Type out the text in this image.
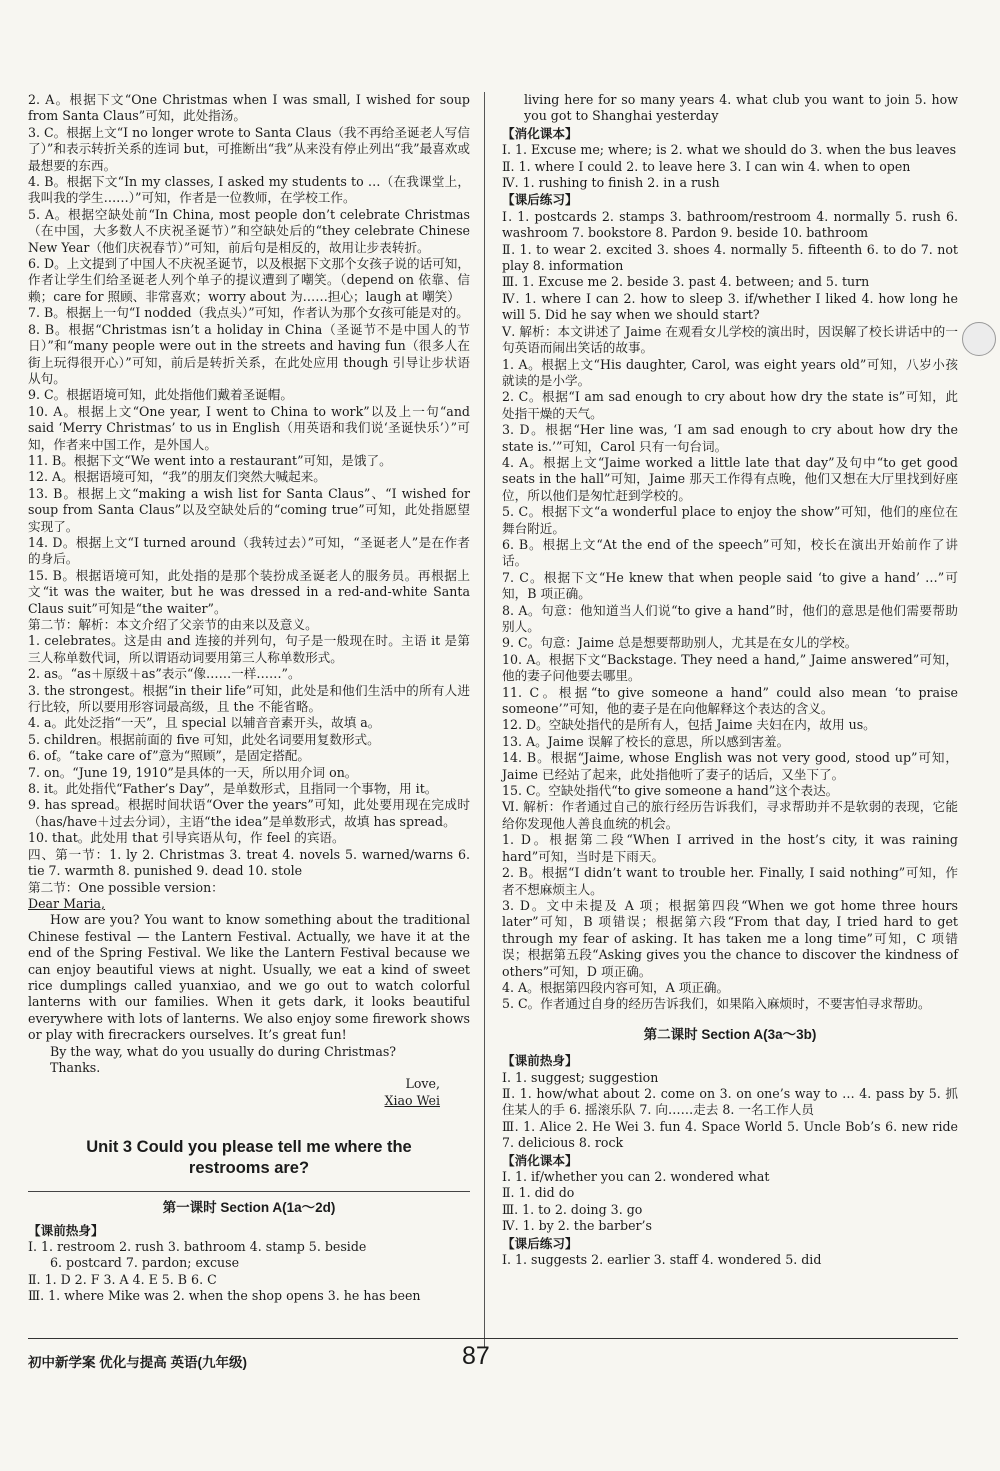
2. A。根据下文“One Christmas when I was small, I wished for soup from Santa Claus”可知，此处指汤。

3. C。根据上文“I no longer wrote to Santa Claus（我不再给圣诞老人写信了）”和表示转折关系的连词 but，可推断出“我”从来没有停止列出“我”最喜欢或最想要的东西。

4. B。根据下文“In my classes, I asked my students to …（在我课堂上，我叫我的学生……）”可知，作者是一位教师，在学校工作。

5. A。根据空缺处前“In China, most people don’t celebrate Christmas（在中国，大多数人不庆祝圣诞节）”和空缺处后的“they celebrate Chinese New Year（他们庆祝春节）”可知，前后句是相反的，故用让步表转折。

6. D。上文提到了中国人不庆祝圣诞节，以及根据下文那个女孩子说的话可知，作者让学生们给圣诞老人列个单子的提议遭到了嘲笑。（depend on 依靠、信赖；care for 照顾、非常喜欢；worry about 为……担心；laugh at 嘲笑）

7. B。根据上一句“I nodded（我点头）”可知，作者认为那个女孩可能是对的。

8. B。根据“Christmas isn’t a holiday in China（圣诞节不是中国人的节日）”和“many people were out in the streets and having fun（很多人在街上玩得很开心）”可知，前后是转折关系，在此处应用 though 引导让步状语从句。

9. C。根据语境可知，此处指他们戴着圣诞帽。

10. A。根据上文“One year, I went to China to work”以及上一句“and said ‘Merry Christmas’ to us in English（用英语和我们说‘圣诞快乐’）”可知，作者来中国工作，是外国人。

11. B。根据下文“We went into a restaurant”可知，是饿了。

12. A。根据语境可知，“我”的朋友们突然大喊起来。

13. B。根据上文“making a wish list for Santa Claus”、“I wished for soup from Santa Claus”以及空缺处后的“coming true”可知，此处指愿望实现了。

14. D。根据上文“I turned around（我转过去）”可知，“圣诞老人”是在作者的身后。

15. B。根据语境可知，此处指的是那个装扮成圣诞老人的服务员。再根据上文“it was the waiter, but he was dressed in a red-and-white Santa Claus suit”可知是“the waiter”。

第二节：解析：本文介绍了父亲节的由来以及意义。

1. celebrates。这是由 and 连接的并列句，句子是一般现在时。主语 it 是第三人称单数代词，所以谓语动词要用第三人称单数形式。

2. as。“as＋原级＋as”表示“像……一样……”。

3. the strongest。根据“in their life”可知，此处是和他们生活中的所有人进行比较，所以要用形容词最高级，且 the 不能省略。

4. a。此处泛指“一天”，且 special 以辅音音素开头，故填 a。

5. children。根据前面的 five 可知，此处名词要用复数形式。

6. of。“take care of”意为“照顾”，是固定搭配。

7. on。“June 19, 1910”是具体的一天，所以用介词 on。

8. it。此处指代“Father’s Day”，是单数形式，且指同一个事物，用 it。

9. has spread。根据时间状语“Over the years”可知，此处要用现在完成时（has/have＋过去分词），主语“the idea”是单数形式，故填 has spread。

10. that。此处用 that 引导宾语从句，作 feel 的宾语。

四、第一节：1. ly 2. Christmas 3. treat 4. novels 5. warned/warns 6. tie 7. warmth 8. punished 9. dead 10. stole

第二节：One possible version：

Dear Maria,

How are you? You want to know something about the traditional Chinese festival — the Lantern Festival. Actually, we have it at the end of the Spring Festival. We like the Lantern Festival because we can enjoy beautiful views at night. Usually, we eat a kind of sweet rice dumplings called yuanxiao, and we go out to watch colorful lanterns with our families. When it gets dark, it looks beautiful everywhere with lots of lanterns. We also enjoy some firework shows or play with firecrackers ourselves. It’s great fun!

By the way, what do you usually do during Christmas?

Thanks.

Love,

Xiao Wei

Unit 3 Could you please tell me where the
restrooms are?

第一课时 Section A(1a～2d)

【课前热身】

Ⅰ. 1. restroom 2. rush 3. bathroom 4. stamp 5. beside

6. postcard 7. pardon; excuse

Ⅱ. 1. D 2. F 3. A 4. E 5. B 6. C

Ⅲ. 1. where Mike was 2. when the shop opens 3. he has been

living here for so many years 4. what club you want to join 5. how you got to Shanghai yesterday

【消化课本】

Ⅰ. 1. Excuse me; where; is 2. what we should do 3. when the bus leaves

Ⅱ. 1. where I could 2. to leave here 3. I can win 4. when to open

Ⅳ. 1. rushing to finish 2. in a rush

【课后练习】

Ⅰ. 1. postcards 2. stamps 3. bathroom/restroom 4. normally 5. rush 6. washroom 7. bookstore 8. Pardon 9. beside 10. bathroom

Ⅱ. 1. to wear 2. excited 3. shoes 4. normally 5. fifteenth 6. to do 7. not play 8. information

Ⅲ. 1. Excuse me 2. beside 3. past 4. between; and 5. turn

Ⅳ. 1. where I can 2. how to sleep 3. if/whether I liked 4. how long he will 5. Did he say when we should start?

Ⅴ. 解析：本文讲述了 Jaime 在观看女儿学校的演出时，因误解了校长讲话中的一句英语而闹出笑话的故事。

1. A。根据上文“His daughter, Carol, was eight years old”可知，八岁小孩就读的是小学。

2. C。根据“I am sad enough to cry about how dry the state is”可知，此处指干燥的天气。

3. D。根据“Her line was, ‘I am sad enough to cry about how dry the state is.’”可知，Carol 只有一句台词。

4. A。根据上文“Jaime worked a little late that day”及句中“to get good seats in the hall”可知，Jaime 那天工作得有点晚，他们又想在大厅里找到好座位，所以他们是匆忙赶到学校的。

5. C。根据下文“a wonderful place to enjoy the show”可知，他们的座位在舞台附近。

6. B。根据上文“At the end of the speech”可知，校长在演出开始前作了讲话。

7. C。根据下文“He knew that when people said ‘to give a hand’ …”可知，B 项正确。

8. A。句意：他知道当人们说“to give a hand”时，他们的意思是他们需要帮助别人。

9. C。句意：Jaime 总是想要帮助别人，尤其是在女儿的学校。

10. A。根据下文“Backstage. They need a hand,” Jaime answered”可知，他的妻子问他要去哪里。

11. C。根据“to give someone a hand” could also mean ‘to praise someone’”可知，他的妻子是在向他解释这个表达的含义。

12. D。空缺处指代的是所有人，包括 Jaime 夫妇在内，故用 us。

13. A。Jaime 误解了校长的意思，所以感到害羞。

14. B。根据“Jaime, whose English was not very good, stood up”可知，Jaime 已经站了起来，此处指他听了妻子的话后，又坐下了。

15. C。空缺处指代“to give someone a hand”这个表达。

Ⅵ. 解析：作者通过自己的旅行经历告诉我们，寻求帮助并不是软弱的表现，它能给你发现他人善良血统的机会。

1. D。根据第二段“When I arrived in the host’s city, it was raining hard”可知，当时是下雨天。

2. B。根据“I didn’t want to trouble her. Finally, I said nothing”可知，作者不想麻烦主人。

3. D。文中未提及 A 项；根据第四段“When we got home three hours later”可知，B 项错误；根据第六段“From that day, I tried hard to get through my fear of asking. It has taken me a long time”可知，C 项错误；根据第五段“Asking gives you the chance to discover the kindness of others”可知，D 项正确。

4. A。根据第四段内容可知，A 项正确。

5. C。作者通过自身的经历告诉我们，如果陷入麻烦时，不要害怕寻求帮助。

第二课时 Section A(3a～3b)

【课前热身】

Ⅰ. 1. suggest; suggestion

Ⅱ. 1. how/what about 2. come on 3. on one’s way to … 4. pass by 5. 抓住某人的手 6. 摇滚乐队 7. 向……走去 8. 一名工作人员

Ⅲ. 1. Alice 2. He Wei 3. fun 4. Space World 5. Uncle Bob’s 6. new ride 7. delicious 8. rock

【消化课本】

Ⅰ. 1. if/whether you can 2. wondered what

Ⅱ. 1. did do

Ⅲ. 1. to 2. doing 3. go

Ⅳ. 1. by 2. the barber’s

【课后练习】

Ⅰ. 1. suggests 2. earlier 3. staff 4. wondered 5. did

初中新学案 优化与提高 英语(九年级)	87
